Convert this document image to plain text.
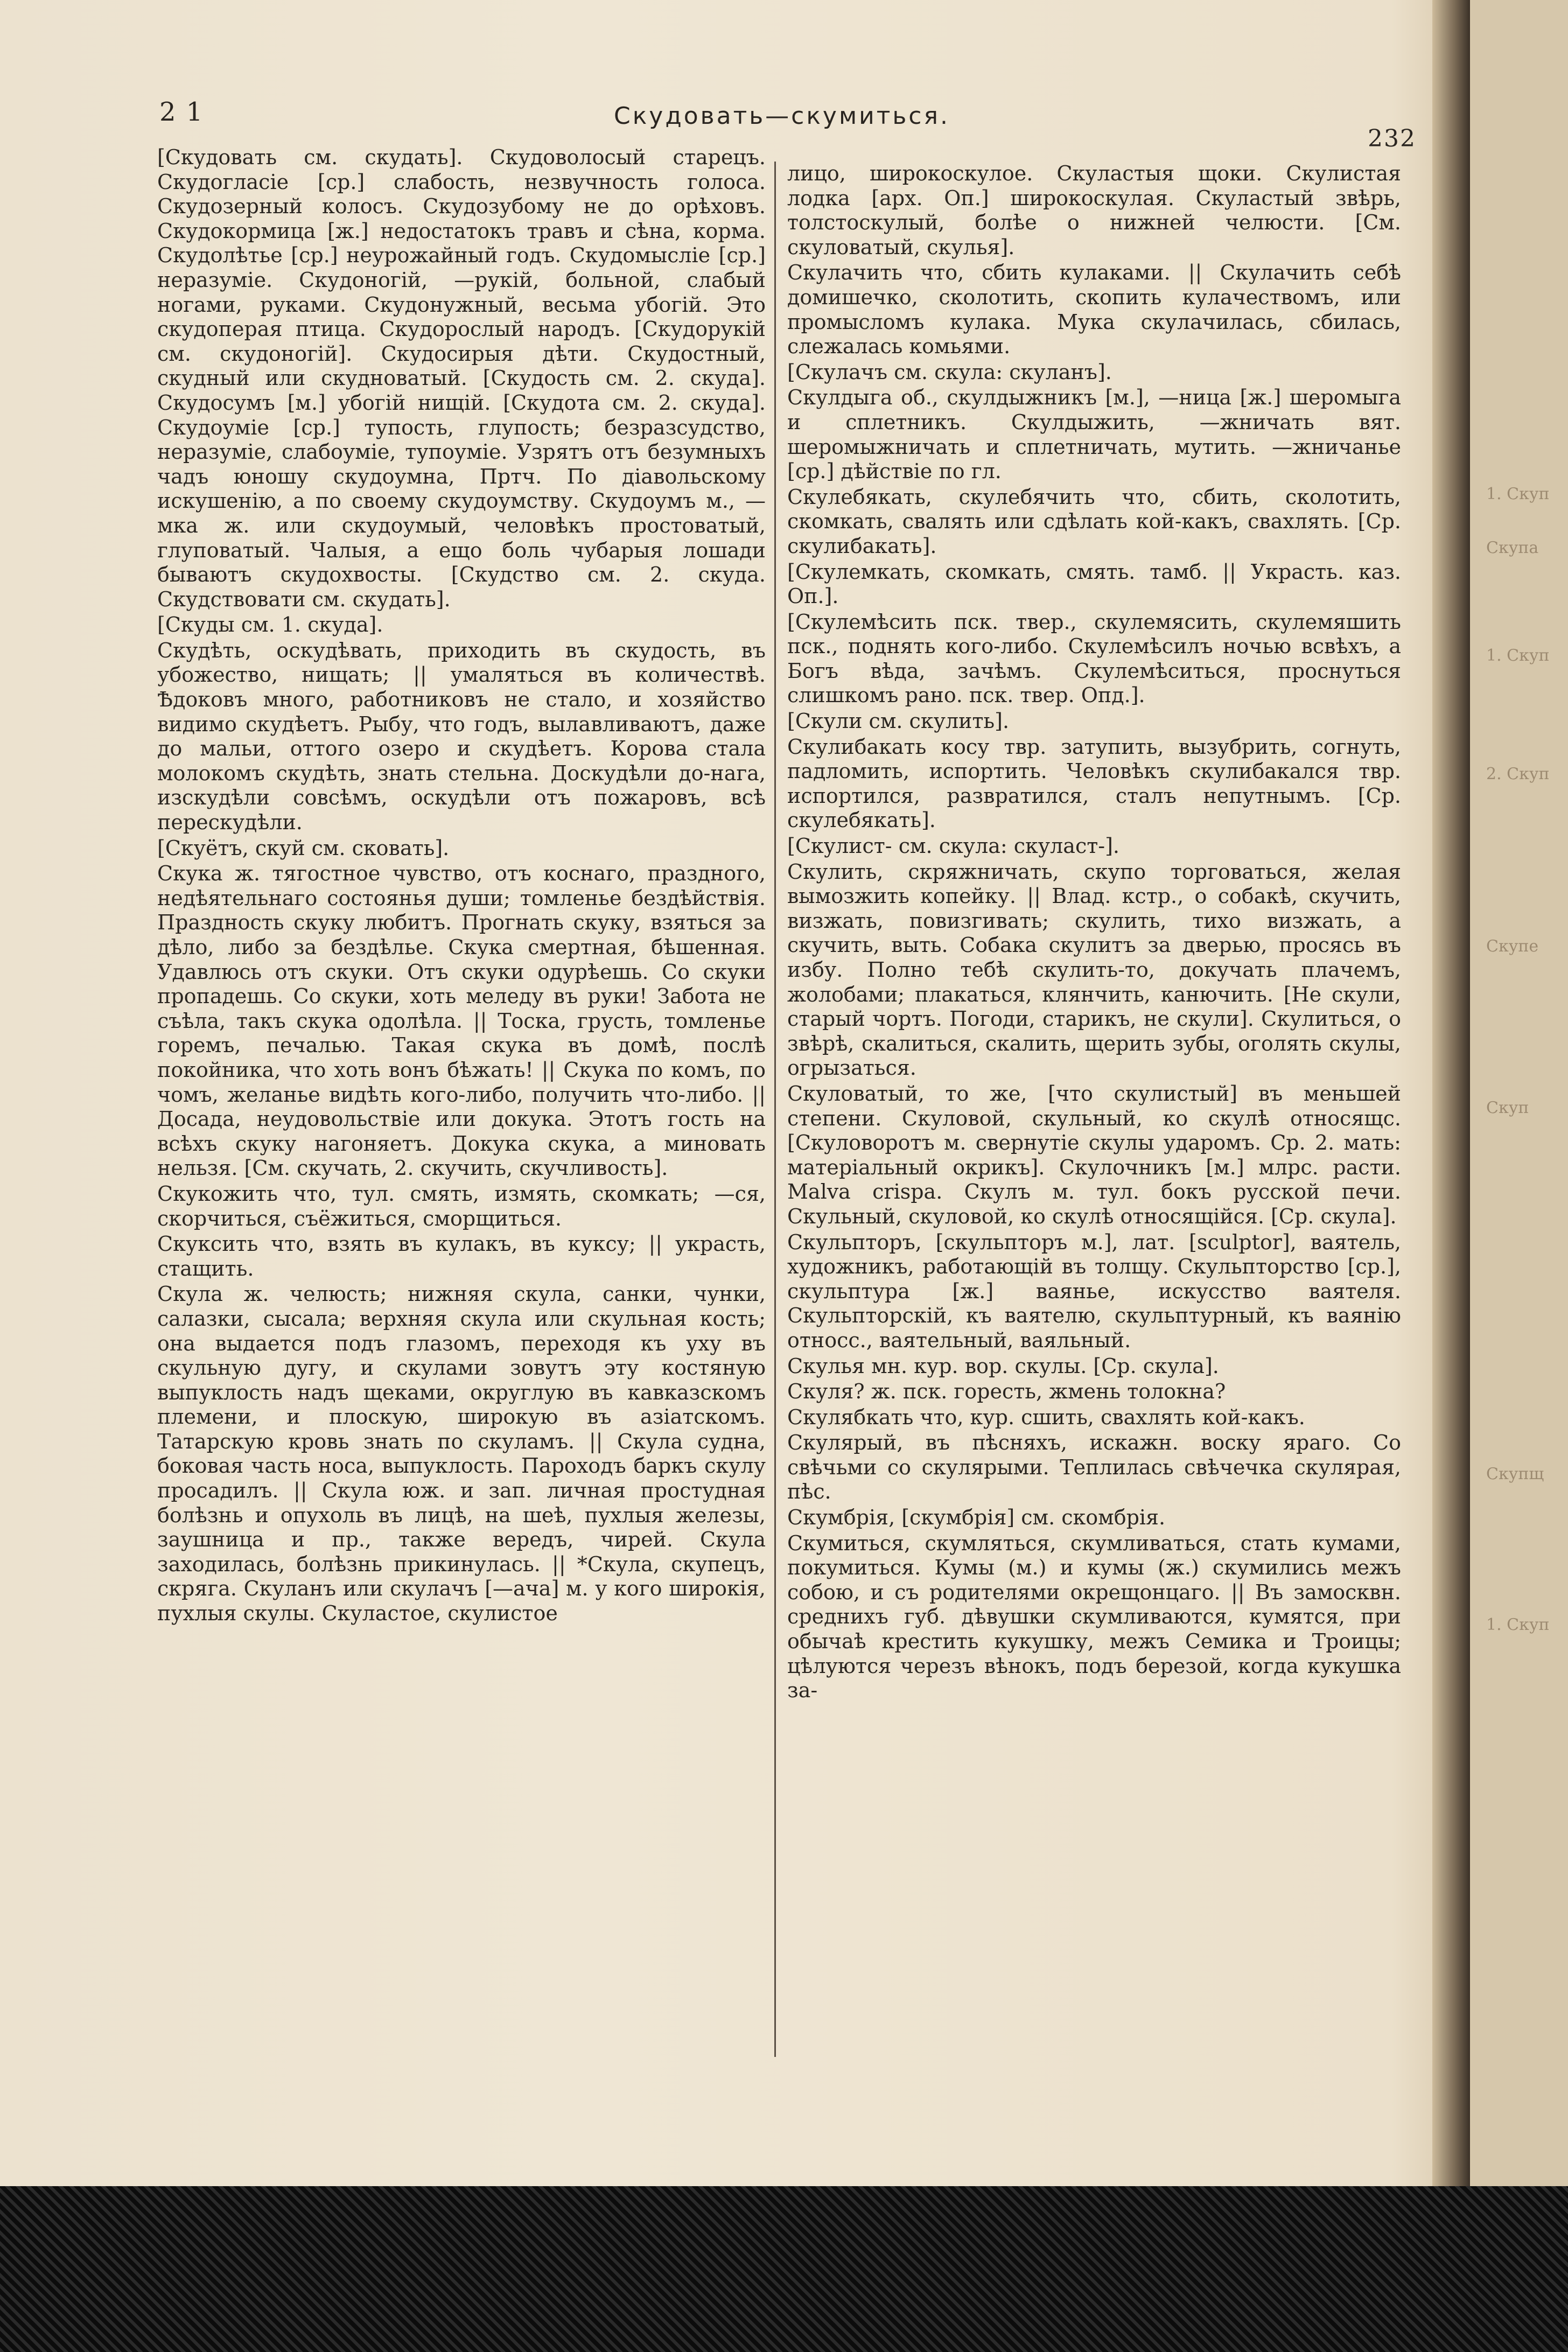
2 1	Скудовать—скумиться.
232

[Скудовать см. скудать]. Скудоволосый старецъ. Скудогласіе [ср.] слабость, незвучность голоса. Скудозерный колосъ. Скудозубому не до орѣховъ. Скудокормица [ж.] недостатокъ травъ и сѣна, корма. Скудолѣтье [ср.] неурожайный годъ. Скудомысліе [ср.] неразуміе. Скудоногій, —рукій, больной, слабый ногами, руками. Скудонужный, весьма убогій. Это скудоперая птица. Скудорослый народъ. [Скудорукій см. скудоногій]. Скудосирыя дѣти. Скудостный, скудный или скудноватый. [Скудость см. 2. скуда]. Скудосумъ [м.] убогій нищій. [Скудота см. 2. скуда]. Скудоуміе [ср.] тупость, глупость; безразсудство, неразуміе, слабоуміе, тупоуміе. Узрятъ отъ безумныхъ чадъ юношу скудоумна, Пртч. По діавольскому искушенію, а по своему скудоумству. Скудоумъ м., —мка ж. или скудоумый, человѣкъ простоватый, глуповатый. Чалыя, а ещо боль чубарыя лошади бываютъ скудохвосты. [Скудство см. 2. скуда. Скудствовати см. скудать].

[Скуды см. 1. скуда].

Скудѣть, оскудѣвать, приходить въ скудость, въ убожество, нищать; || умаляться въ количествѣ. Ѣдоковъ много, работниковъ не стало, и хозяйство видимо скудѣетъ. Рыбу, что годъ, вылавливаютъ, даже до мальи, оттого озеро и скудѣетъ. Корова стала молокомъ скудѣть, знать стельна. Доскудѣли до-нага, изскудѣли совсѣмъ, оскудѣли отъ пожаровъ, всѣ перескудѣли.

[Скуётъ, скуй см. сковать].

Скука ж. тягостное чувство, отъ коснаго, праздного, недѣятельнаго состоянья души; томленье бездѣйствія. Праздность скуку любитъ. Прогнать скуку, взяться за дѣло, либо за бездѣлье. Скука смертная, бѣшенная. Удавлюсь отъ скуки. Отъ скуки одурѣешь. Со скуки пропадешь. Со скуки, хоть меледу въ руки! Забота не съѣла, такъ скука одолѣла. || Тоска, грусть, томленье горемъ, печалью. Такая скука въ домѣ, послѣ покойника, что хоть вонъ бѣжать! || Скука по комъ, по чомъ, желанье видѣть кого-либо, получить что-либо. || Досада, неудовольствіе или докука. Этотъ гость на всѣхъ скуку нагоняетъ. Докука скука, а миновать нельзя. [См. скучать, 2. скучить, скучливость].

Скукожить что, тул. смять, измять, скомкать; —ся, скорчиться, съёжиться, сморщиться.

Скуксить что, взять въ кулакъ, въ куксу; || украсть, стащить.

Скула ж. челюсть; нижняя скула, санки, чунки, салазки, сысала; верхняя скула или скульная кость; она выдается подъ глазомъ, переходя къ уху въ скульную дугу, и скулами зовутъ эту костяную выпуклость надъ щеками, округлую въ кавказскомъ племени, и плоскую, широкую въ азіатскомъ. Татарскую кровь знать по скуламъ. || Скула судна, боковая часть носа, выпуклость. Пароходъ баркъ скулу просадилъ. || Скула юж. и зап. личная простудная болѣзнь и опухоль въ лицѣ, на шеѣ, пухлыя железы, заушница и пр., также вередъ, чирей. Скула заходилась, болѣзнь прикинулась. || *Скула, скупецъ, скряга. Скуланъ или скулачъ [—ача] м. у кого широкія, пухлыя скулы. Скуластое, скулистое

лицо, широкоскулое. Скуластыя щоки. Скулистая лодка [арх. Оп.] широкоскулая. Скуластый звѣрь, толстоскулый, болѣе о нижней челюсти. [См. скуловатый, скулья].

Скулачить что, сбить кулаками. || Скулачить себѣ домишечко, сколотить, скопить кулачествомъ, или промысломъ кулака. Мука скулачилась, сбилась, слежалась комьями.

[Скулачъ см. скула: скуланъ].

Скулдыга об., скулдыжникъ [м.], —ница [ж.] шеромыга и сплетникъ. Скулдыжить, —жничать вят. шеромыжничать и сплетничать, мутить. —жничанье [ср.] дѣйствіе по гл.

Скулебякать, скулебячить что, сбить, сколотить, скомкать, свалять или сдѣлать кой-какъ, свахлять. [Ср. скулибакать].

[Скулемкать, скомкать, смять. тамб. || Украсть. каз. Оп.].

[Скулемѣсить пск. твер., скулемясить, скулемяшить пск., поднять кого-либо. Скулемѣсилъ ночью всвѣхъ, а Богъ вѣда, зачѣмъ. Скулемѣситься, проснуться слишкомъ рано. пск. твер. Опд.].

[Скули см. скулить].

Скулибакать косу твр. затупить, вызубрить, согнуть, падломить, испортить. Человѣкъ скулибакался твр. испортился, развратился, сталъ непутнымъ. [Ср. скулебякать].

[Скулист- см. скула: скуласт-].

Скулить, скряжничать, скупо торговаться, желая вымозжить копейку. || Влад. кстр., о собакѣ, скучить, визжать, повизгивать; скулить, тихо визжать, а скучить, выть. Собака скулитъ за дверью, просясь въ избу. Полно тебѣ скулить-то, докучать плачемъ, жолобами; плакаться, клянчить, канючить. [Не скули, старый чортъ. Погоди, старикъ, не скули]. Скулиться, о звѣрѣ, скалиться, скалить, щерить зубы, оголять скулы, огрызаться.

Скуловатый, то же, [что скулистый] въ меньшей степени. Скуловой, скульный, ко скулѣ относящс. [Скуловоротъ м. свернутіе скулы ударомъ. Ср. 2. мать: матеріальный окрикъ]. Скулочникъ [м.] млрс. расти. Malva crispa. Скулъ м. тул. бокъ русской печи. Скульный, скуловой, ко скулѣ относящійся. [Ср. скула].

Скульпторъ, [скульпторъ м.], лат. [sculptor], ваятель, художникъ, работающій въ толщу. Скульпторство [ср.], скульптура [ж.] ваянье, искусство ваятеля. Скульпторскій, къ ваятелю, скульптурный, къ ваянію относс., ваятельный, ваяльный.

Скулья мн. кур. вор. скулы. [Ср. скула].

Скуля? ж. пск. горесть, жмень толокна?

Скулябкать что, кур. сшить, свахлять кой-какъ.

Скулярый, въ пѣсняхъ, искажн. воску яраго. Со свѣчьми со скулярыми. Теплилась свѣчечка скулярая, пѣс.

Скумбрія, [скумбрія] см. скомбрія.

Скумиться, скумляться, скумливаться, стать кумами, покумиться. Кумы (м.) и кумы (ж.) скумились межъ собою, и съ родителями окрещонцаго. || Въ замосквн. среднихъ губ. дѣвушки скумливаются, кумятся, при обычаѣ крестить кукушку, межъ Семика и Троицы; цѣлуются черезъ вѣнокъ, подъ березой, когда кукушка за-

1. Скуп
Скупа
1. Скуп
2. Скуп
Скупе
Скуп
Скупщ
1. Скуп
